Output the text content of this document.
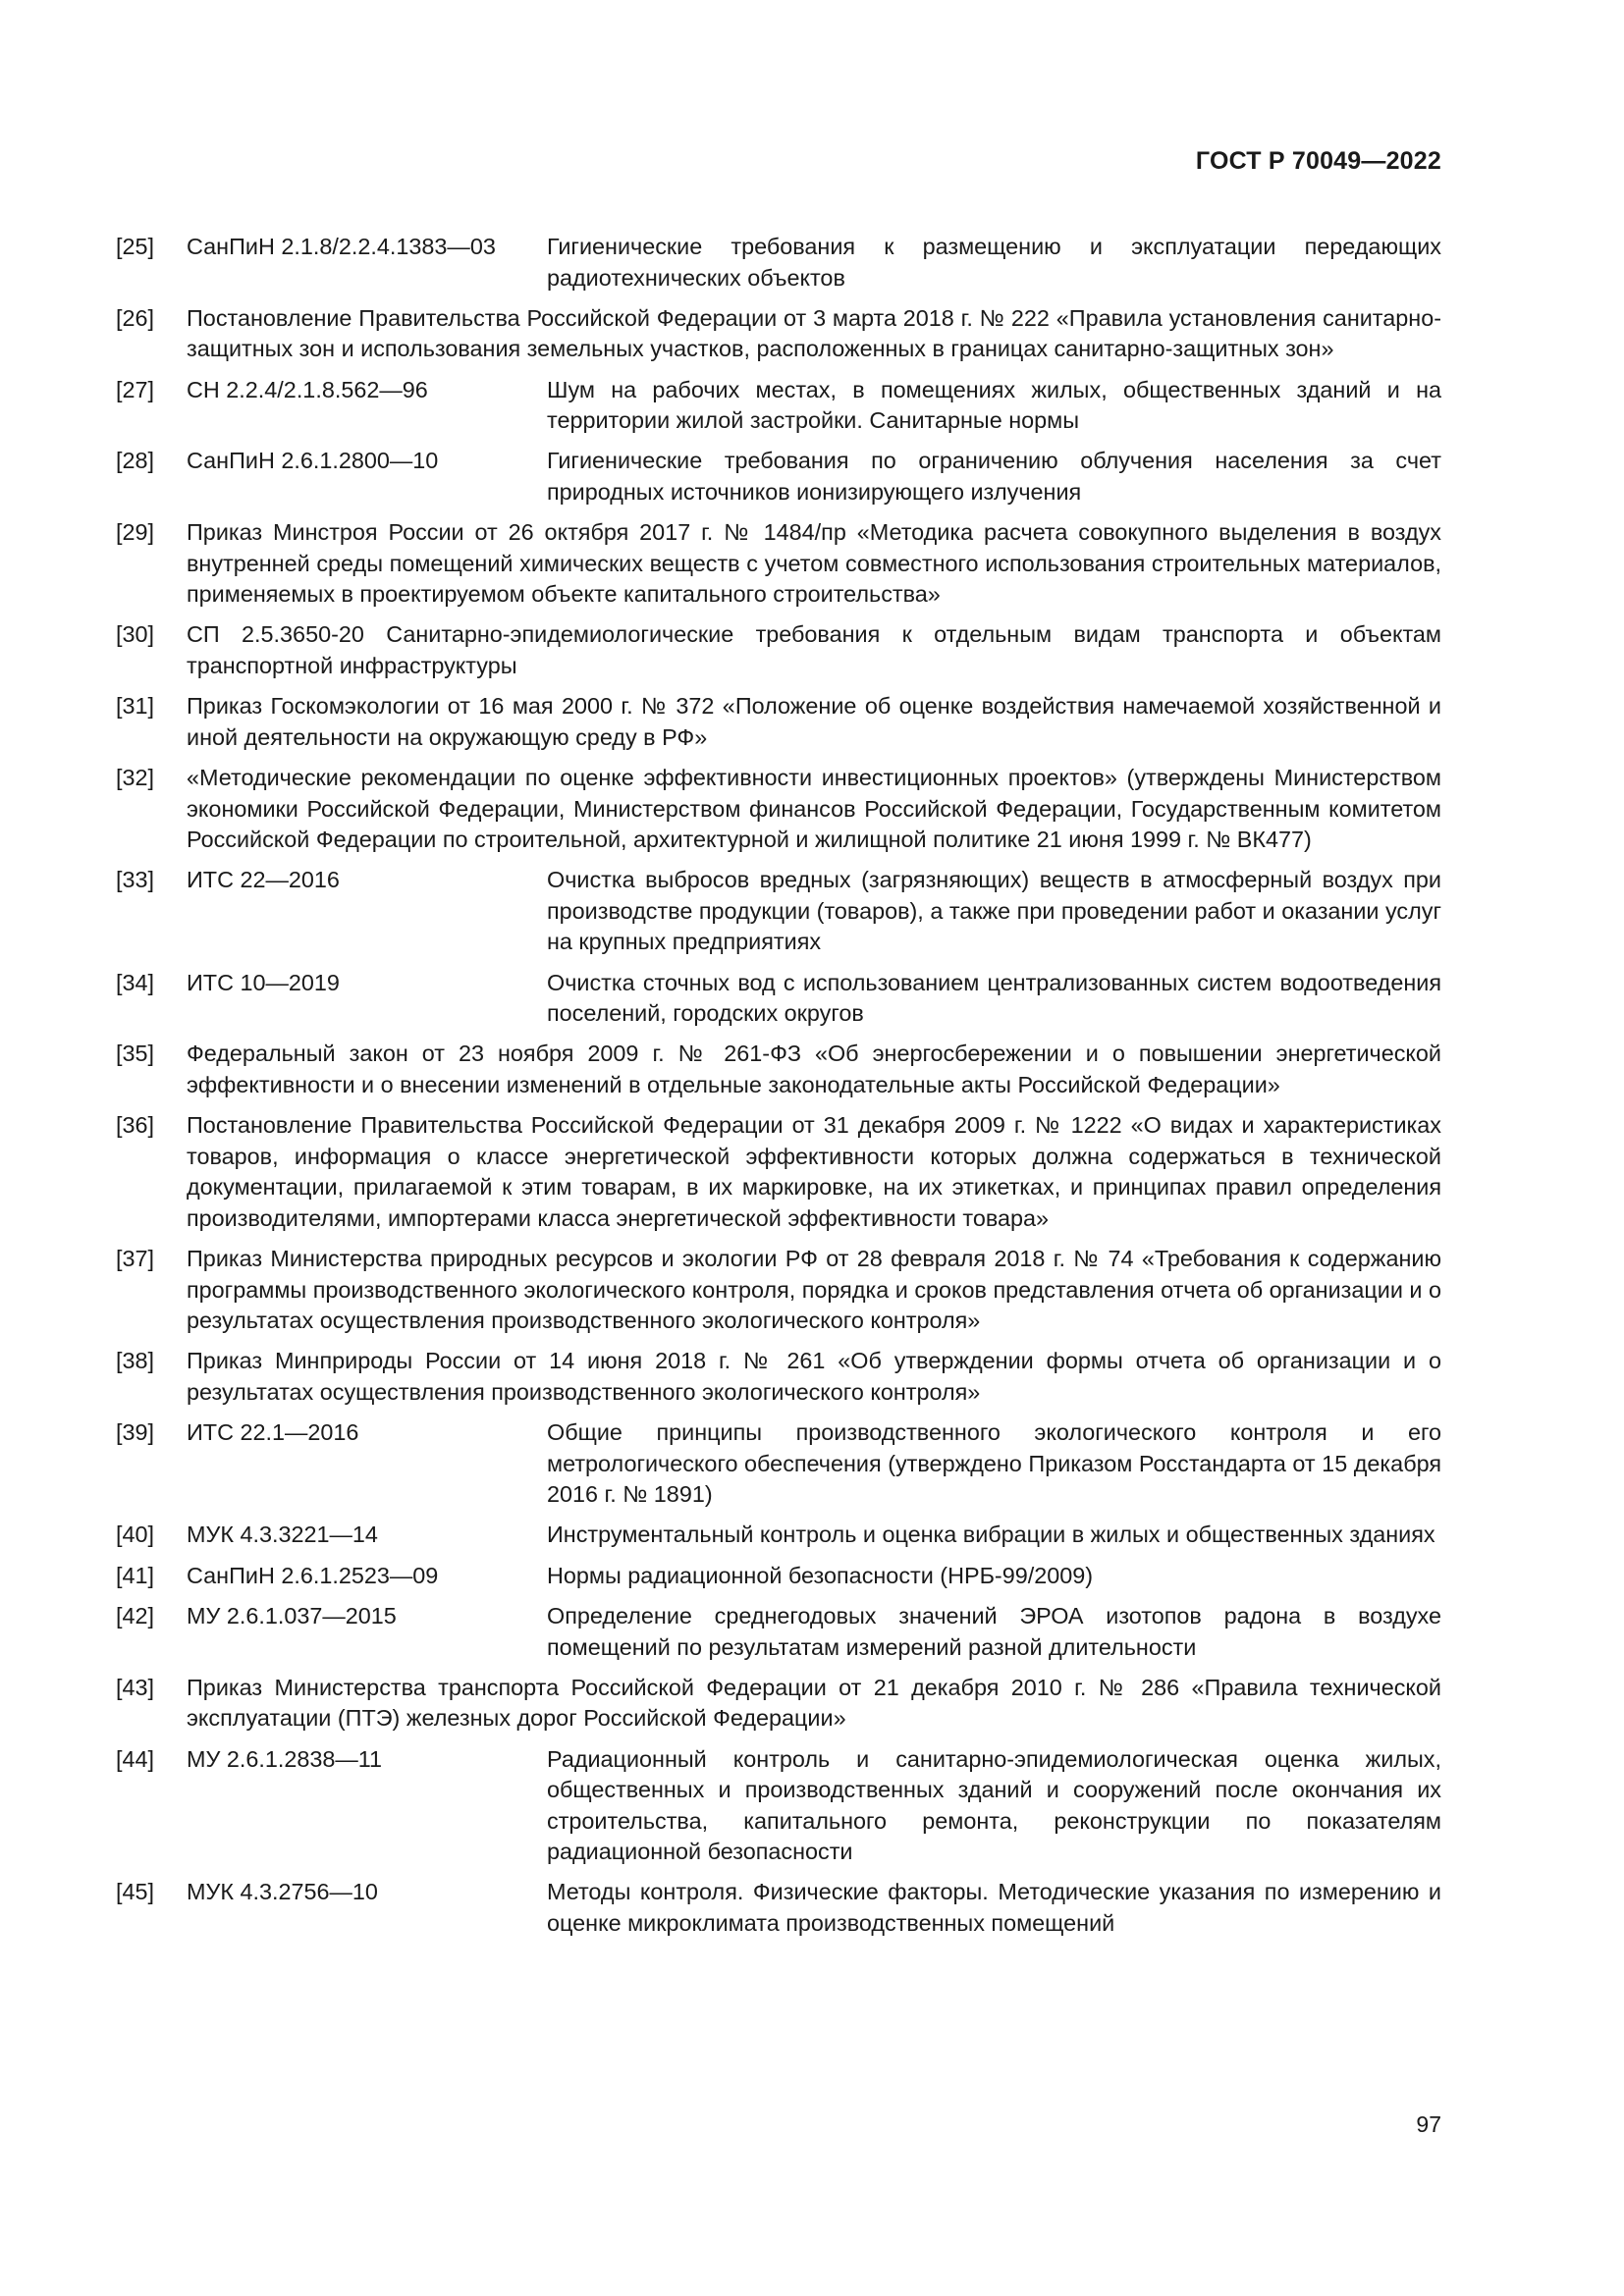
ГОСТ Р 70049—2022
[25]	СанПиН 2.1.8/2.2.4.1383—03	Гигиенические требования к размещению и эксплуатации передающих радиотехнических объектов
[26]	Постановление Правительства Российской Федерации от 3 марта 2018 г. № 222 «Правила установления санитарно-защитных зон и использования земельных участков, расположенных в границах санитарно-защитных зон»
[27]	СН 2.2.4/2.1.8.562—96	Шум на рабочих местах, в помещениях жилых, общественных зданий и на территории жилой застройки. Санитарные нормы
[28]	СанПиН 2.6.1.2800—10	Гигиенические требования по ограничению облучения населения за счет природных источников ионизирующего излучения
[29]	Приказ Минстроя России от 26 октября 2017 г. № 1484/пр «Методика расчета совокупного выделения в воздух внутренней среды помещений химических веществ с учетом совместного использования строительных материалов, применяемых в проектируемом объекте капитального строительства»
[30]	СП 2.5.3650-20 Санитарно-эпидемиологические требования к отдельным видам транспорта и объектам транспортной инфраструктуры
[31]	Приказ Госкомэкологии от 16 мая 2000 г. № 372 «Положение об оценке воздействия намечаемой хозяйственной и иной деятельности на окружающую среду в РФ»
[32]	«Методические рекомендации по оценке эффективности инвестиционных проектов» (утверждены Министерством экономики Российской Федерации, Министерством финансов Российской Федерации, Государственным комитетом Российской Федерации по строительной, архитектурной и жилищной политике 21 июня 1999 г. № ВК477)
[33]	ИТС 22—2016	Очистка выбросов вредных (загрязняющих) веществ в атмосферный воздух при производстве продукции (товаров), а также при проведении работ и оказании услуг на крупных предприятиях
[34]	ИТС 10—2019	Очистка сточных вод с использованием централизованных систем водоотведения поселений, городских округов
[35]	Федеральный закон от 23 ноября 2009 г. № 261-ФЗ «Об энергосбережении и о повышении энергетической эффективности и о внесении изменений в отдельные законодательные акты Российской Федерации»
[36]	Постановление Правительства Российской Федерации от 31 декабря 2009 г. № 1222 «О видах и характеристиках товаров, информация о классе энергетической эффективности которых должна содержаться в технической документации, прилагаемой к этим товарам, в их маркировке, на их этикетках, и принципах правил определения производителями, импортерами класса энергетической эффективности товара»
[37]	Приказ Министерства природных ресурсов и экологии РФ от 28 февраля 2018 г. № 74 «Требования к содержанию программы производственного экологического контроля, порядка и сроков представления отчета об организации и о результатах осуществления производственного экологического контроля»
[38]	Приказ Минприроды России от 14 июня 2018 г. № 261 «Об утверждении формы отчета об организации и о результатах осуществления производственного экологического контроля»
[39]	ИТС 22.1—2016	Общие принципы производственного экологического контроля и его метрологического обеспечения (утверждено Приказом Росстандарта от 15 декабря 2016 г. № 1891)
[40]	МУК 4.3.3221—14	Инструментальный контроль и оценка вибрации в жилых и общественных зданиях
[41]	СанПиН 2.6.1.2523—09	Нормы радиационной безопасности (НРБ-99/2009)
[42]	МУ 2.6.1.037—2015	Определение среднегодовых значений ЭРОА изотопов радона в воздухе помещений по результатам измерений разной длительности
[43]	Приказ Министерства транспорта Российской Федерации от 21 декабря 2010 г. № 286 «Правила технической эксплуатации (ПТЭ) железных дорог Российской Федерации»
[44]	МУ 2.6.1.2838—11	Радиационный контроль и санитарно-эпидемиологическая оценка жилых, общественных и производственных зданий и сооружений после окончания их строительства, капитального ремонта, реконструкции по показателям радиационной безопасности
[45]	МУК 4.3.2756—10	Методы контроля. Физические факторы. Методические указания по измерению и оценке микроклимата производственных помещений
97
